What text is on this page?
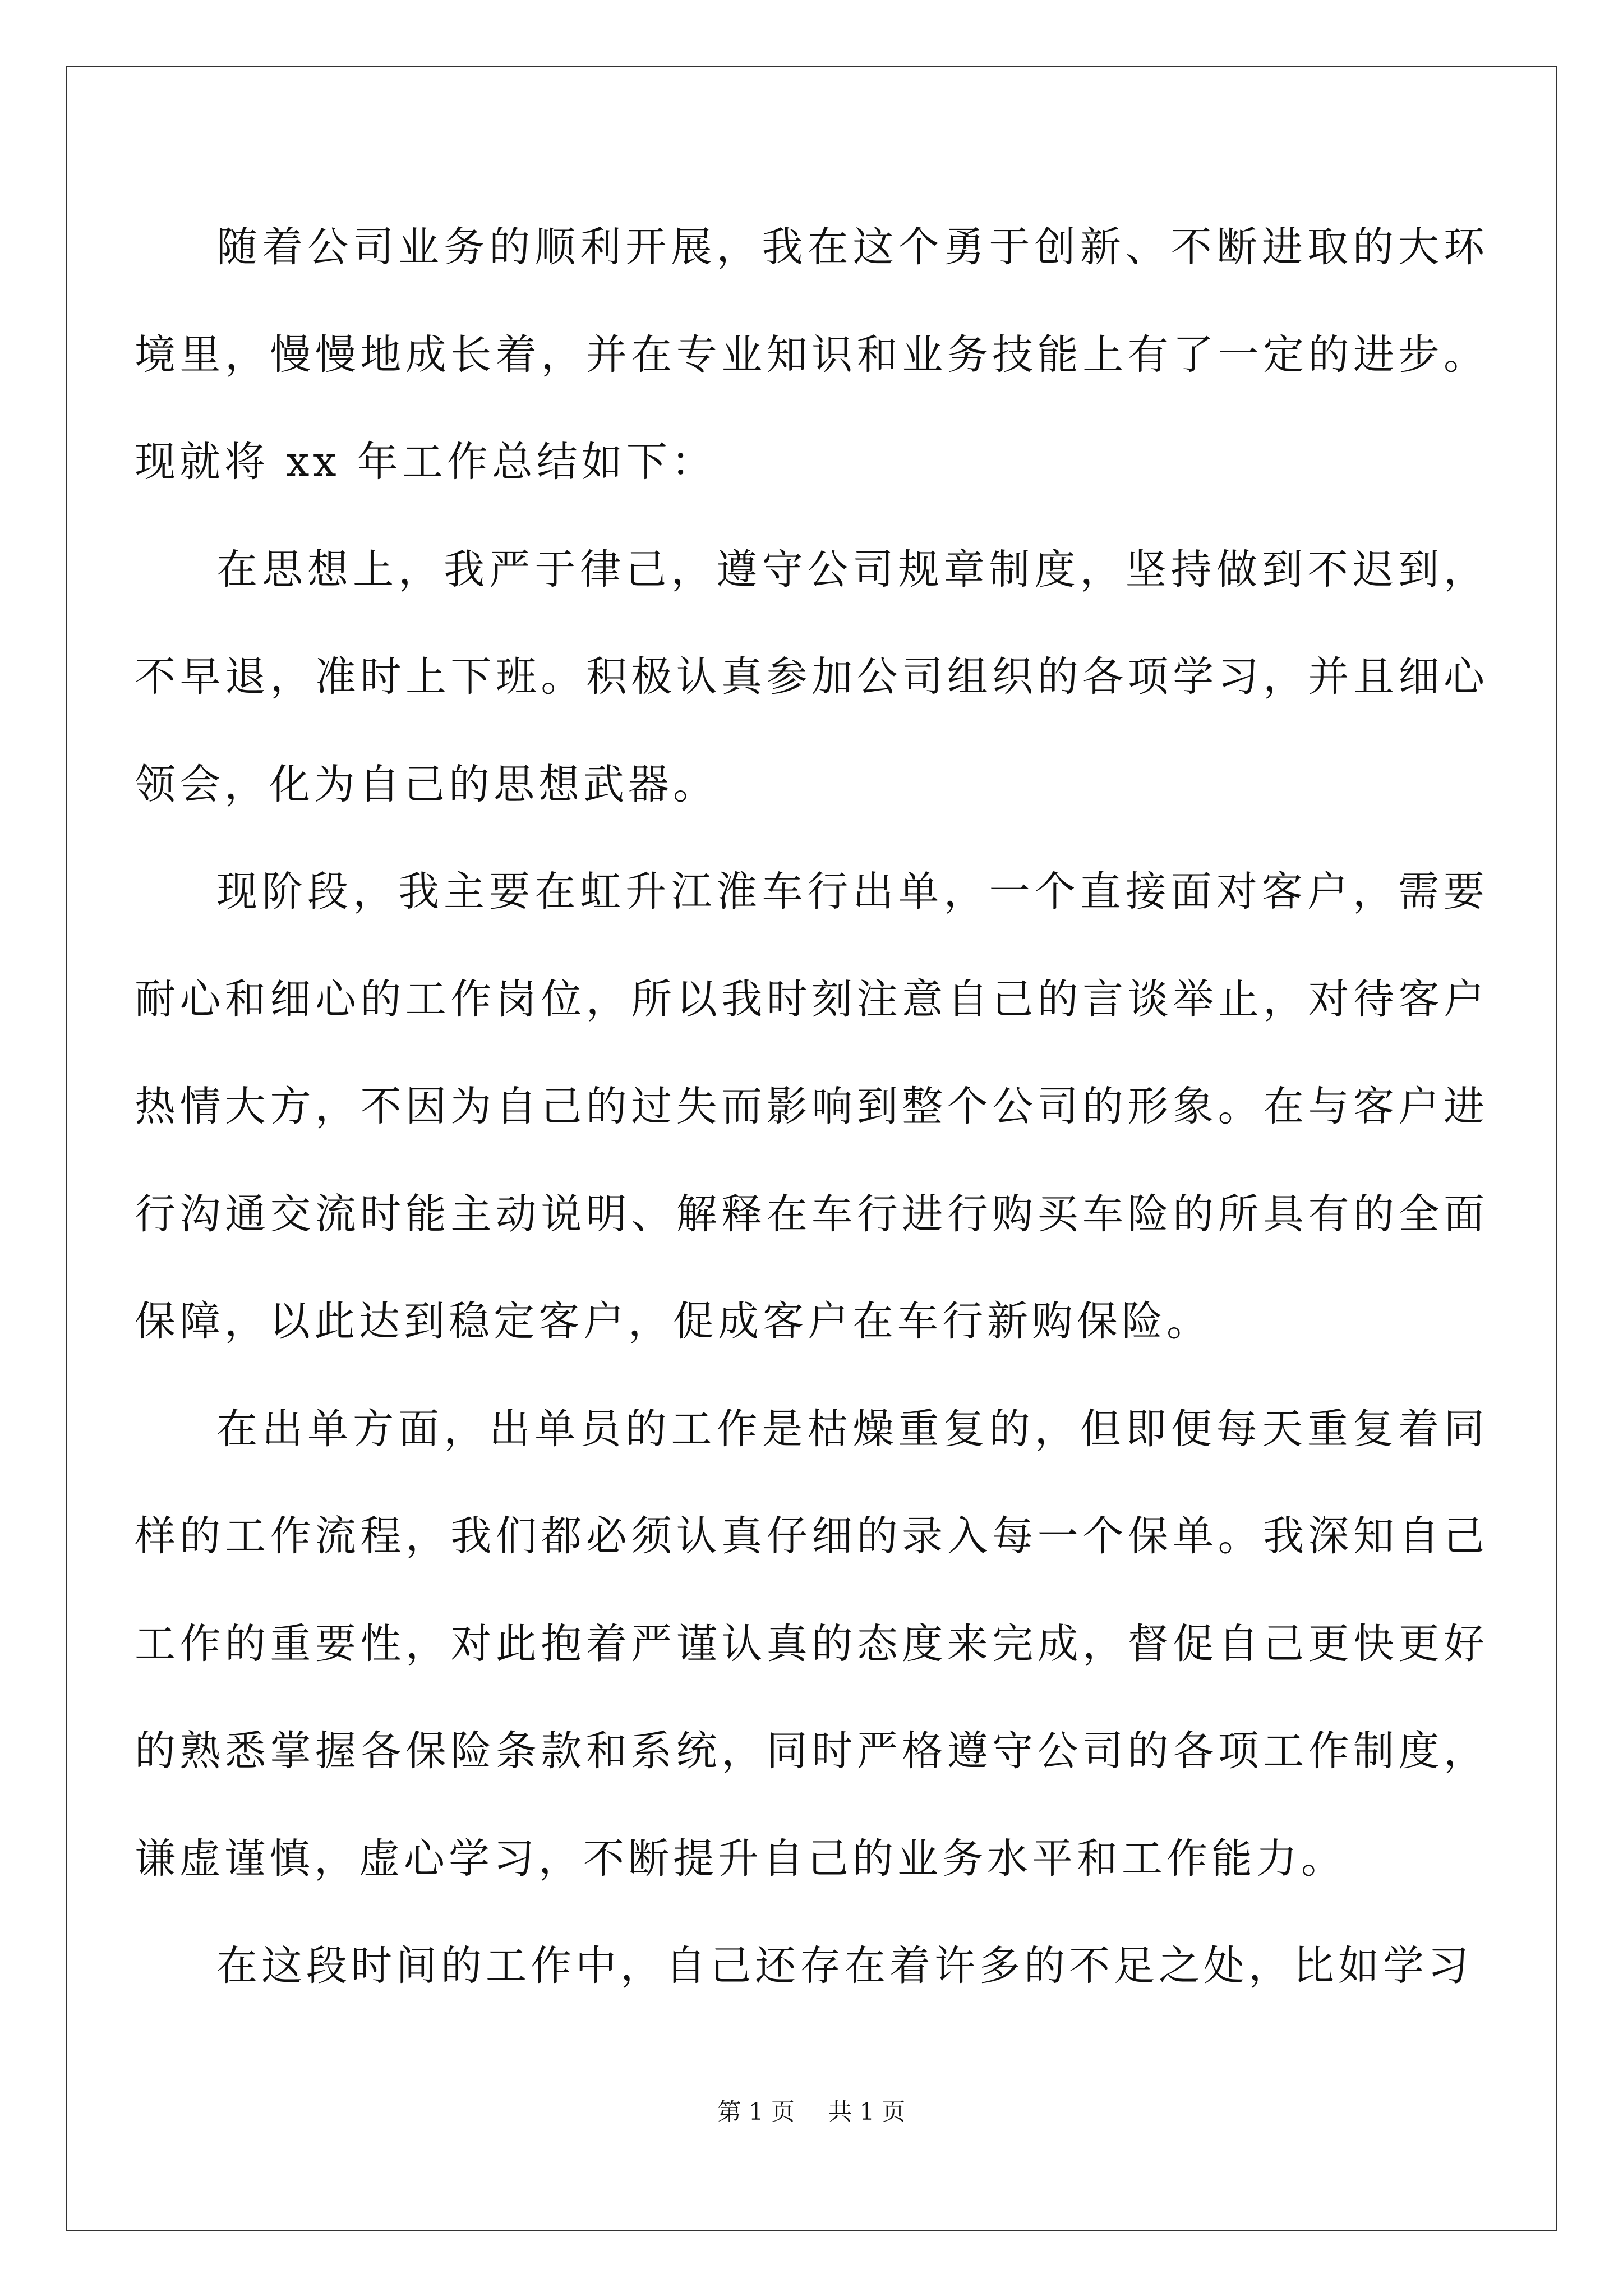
随着公司业务的顺利开展，我在这个勇于创新、不断进取的大环境里，慢慢地成长着，并在专业知识和业务技能上有了一定的进步。现就将 xx 年工作总结如下：

在思想上，我严于律己，遵守公司规章制度，坚持做到不迟到，不早退，准时上下班。积极认真参加公司组织的各项学习，并且细心领会，化为自己的思想武器。

现阶段，我主要在虹升江淮车行出单，一个直接面对客户，需要耐心和细心的工作岗位，所以我时刻注意自己的言谈举止，对待客户热情大方，不因为自己的过失而影响到整个公司的形象。在与客户进行沟通交流时能主动说明、解释在车行进行购买车险的所具有的全面保障，以此达到稳定客户，促成客户在车行新购保险。

在出单方面，出单员的工作是枯燥重复的，但即便每天重复着同样的工作流程，我们都必须认真仔细的录入每一个保单。我深知自己工作的重要性，对此抱着严谨认真的态度来完成，督促自己更快更好的熟悉掌握各保险条款和系统，同时严格遵守公司的各项工作制度，谦虚谨慎，虚心学习，不断提升自己的业务水平和工作能力。

在这段时间的工作中，自己还存在着许多的不足之处，比如学习

第 1 页 共 1 页
